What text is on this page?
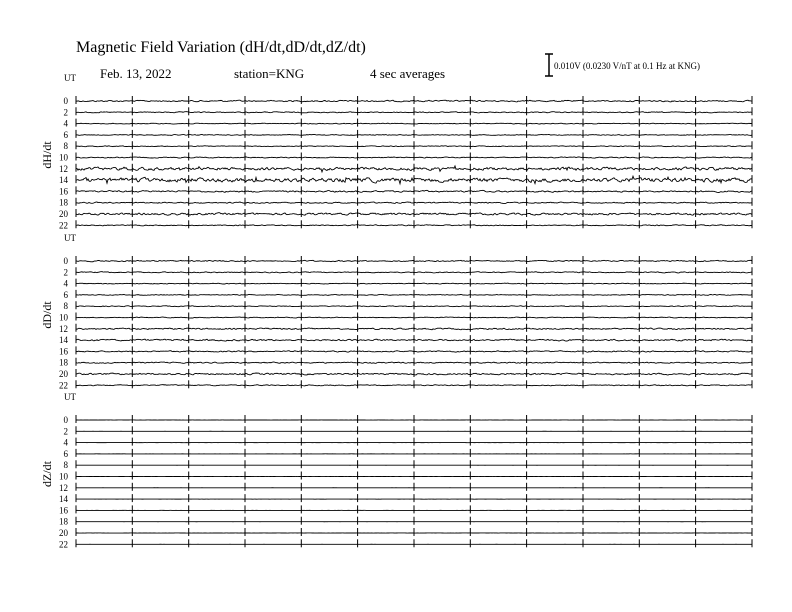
Magnetic Field Variation (dH/dt,dD/dt,dZ/dt)
Feb. 13, 2022	station=KNG	4 sec averages	0.010V (0.0230 V/nT at 0.1 Hz at KNG)
UT
dH/dt
0
2
4
6
8
10
12
14
16
18
20
22
UT
dD/dt
0
2
4
6
8
10
12
14
16
18
20
22
UT
dZ/dt
0
2
4
6
8
10
12
14
16
18
20
22
